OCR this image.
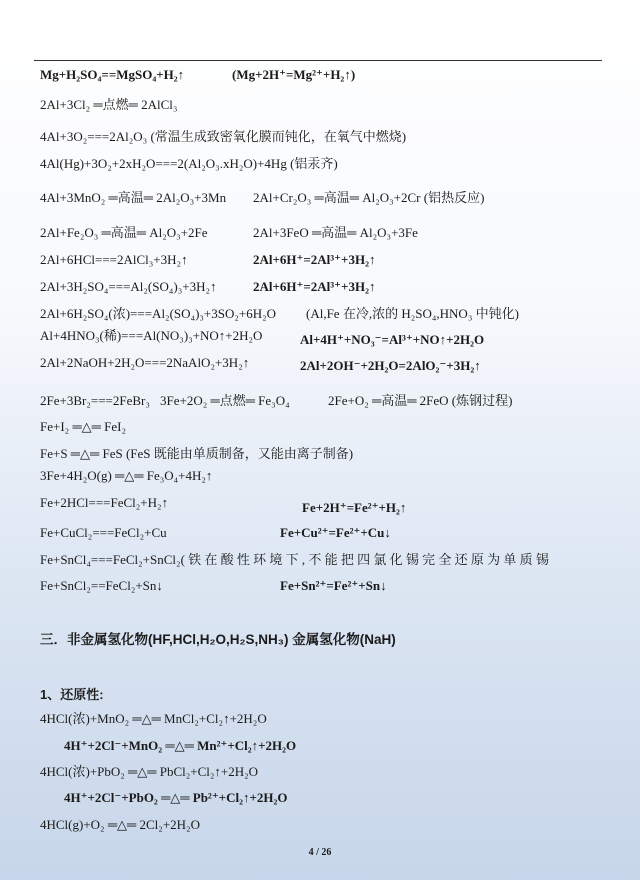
Mg+H₂SO₄==MgSO₄+H₂↑	(Mg+2H⁺=Mg²⁺+H₂↑)
2Al+3Cl₂ ═点燃═ 2AlCl₃
4Al+3O₂===2Al₂O₃ (常温生成致密氧化膜而钝化，在氧气中燃烧)
4Al(Hg)+3O₂+2xH₂O===2(Al₂O₃.xH₂O)+4Hg (铝汞齐)
4Al+3MnO₂ ═高温═ 2Al₂O₃+3Mn 2Al+Cr₂O₃ ═高温═ Al₂O₃+2Cr (铝热反应)
2Al+Fe₂O₃ ═高温═ Al₂O₃+2Fe	2Al+3FeO ═高温═ Al₂O₃+3Fe
2Al+6HCl===2AlCl₃+3H₂↑	2Al+6H⁺=2Al³⁺+3H₂↑
2Al+3H₂SO₄===Al₂(SO₄)₃+3H₂↑	2Al+6H⁺=2Al³⁺+3H₂↑
2Al+6H₂SO₄(浓)===Al₂(SO₄)₃+3SO₂+6H₂O (Al,Fe 在冷,浓的 H₂SO₄,HNO₃ 中钝化)
Al+4HNO₃(稀)===Al(NO₃)₃+NO↑+2H₂O	Al+4H⁺+NO₃⁻=Al³⁺+NO↑+2H₂O
2Al+2NaOH+2H₂O===2NaAlO₂+3H₂↑	2Al+2OH⁻+2H₂O=2AlO₂⁻+3H₂↑
2Fe+3Br₂===2FeBr₃ 3Fe+2O₂ ═点燃═ Fe₃O₄	2Fe+O₂ ═高温═ 2FeO (炼钢过程)
Fe+I₂ ═△═ FeI₂
Fe+S ═△═ FeS (FeS 既能由单质制备，又能由离子制备)
3Fe+4H₂O(g) ═△═ Fe₃O₄+4H₂↑
Fe+2HCl===FeCl₂+H₂↑	Fe+2H⁺=Fe²⁺+H₂↑
Fe+CuCl₂===FeCl₂+Cu	Fe+Cu²⁺=Fe²⁺+Cu↓
Fe+SnCl₄===FeCl₂+SnCl₂( 铁 在 酸 性 环 境 下 , 不 能 把 四 氯 化 锡 完 全 还 原 为 单 质 锡
Fe+SnCl₂==FeCl₂+Sn↓	Fe+Sn²⁺=Fe²⁺+Sn↓
三．非金属氢化物(HF,HCl,H₂O,H₂S,NH₃) 金属氢化物(NaH)
1、还原性:
4HCl(浓)+MnO₂ ═△═ MnCl₂+Cl₂↑+2H₂O
4H⁺+2Cl⁻+MnO₂ ═△═ Mn²⁺+Cl₂↑+2H₂O
4HCl(浓)+PbO₂ ═△═ PbCl₂+Cl₂↑+2H₂O
4H⁺+2Cl⁻+PbO₂ ═△═ Pb²⁺+Cl₂↑+2H₂O
4HCl(g)+O₂ ═△═ 2Cl₂+2H₂O
4 / 26
